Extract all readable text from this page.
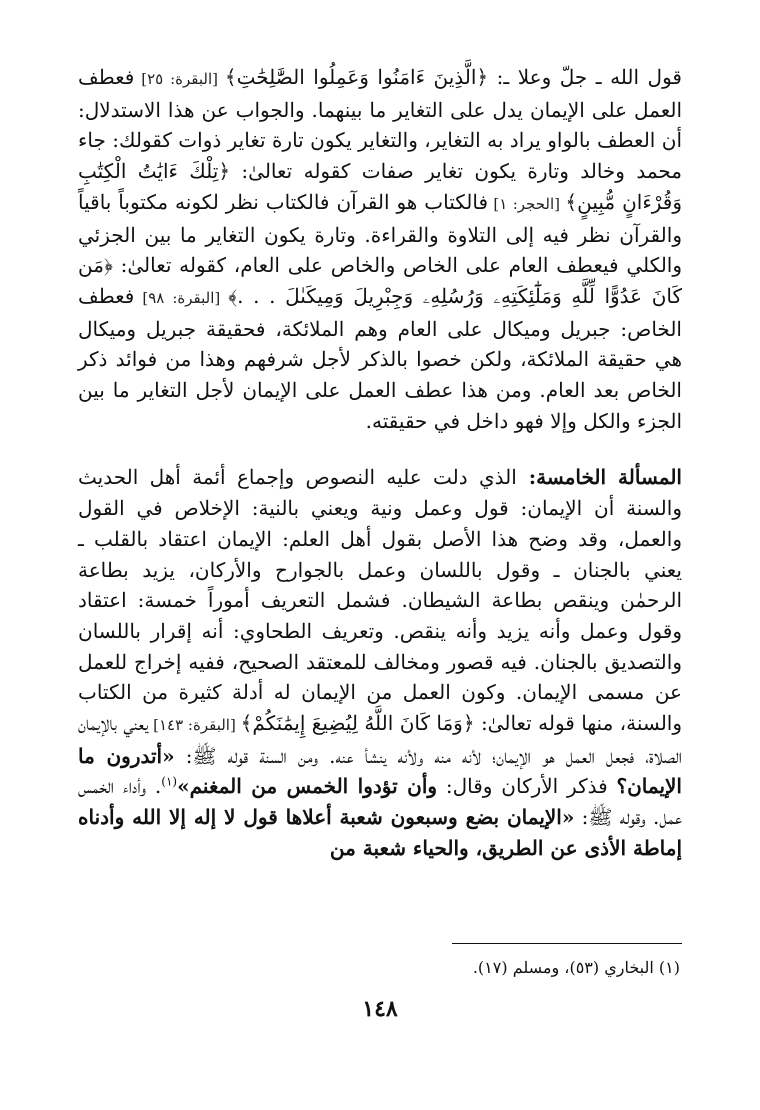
قول الله ـ جلّ وعلا ـ: ﴿الَّذِينَ ءَامَنُوا وَعَمِلُوا الصَّٰلِحَٰتِ﴾ [البقرة: ٢٥] فعطف العمل على الإيمان يدل على التغاير ما بينهما. والجواب عن هذا الاستدلال: أن العطف بالواو يراد به التغاير، والتغاير يكون تارة تغاير ذوات كقولك: جاء محمد وخالد وتارة يكون تغاير صفات كقوله تعالىٰ: ﴿تِلْكَ ءَايَٰتُ الْكِتَٰبِ وَقُرْءَانٍ مُّبِينٍ﴾ [الحجر: ١] فالكتاب هو القرآن فالكتاب نظر لكونه مكتوباً باقياً والقرآن نظر فيه إلى التلاوة والقراءة. وتارة يكون التغاير ما بين الجزئي والكلي فيعطف العام على الخاص والخاص على العام، كقوله تعالىٰ: ﴿مَن كَانَ عَدُوًّا لِّلَّهِ وَمَلَٰٓئِكَتِهِۦ وَرُسُلِهِۦ وَجِبْرِيلَ وَمِيكَىٰلَ . . .﴾ [البقرة: ٩٨] فعطف الخاص: جبريل وميكال على العام وهم الملائكة، فحقيقة جبريل وميكال هي حقيقة الملائكة، ولكن خصوا بالذكر لأجل شرفهم وهذا من فوائد ذكر الخاص بعد العام. ومن هذا عطف العمل على الإيمان لأجل التغاير ما بين الجزء والكل وإلا فهو داخل في حقيقته.

المسألة الخامسة: الذي دلت عليه النصوص وإجماع أئمة أهل الحديث والسنة أن الإيمان: قول وعمل ونية ويعني بالنية: الإخلاص في القول والعمل، وقد وضح هذا الأصل بقول أهل العلم: الإيمان اعتقاد بالقلب ـ يعني بالجنان ـ وقول باللسان وعمل بالجوارح والأركان، يزيد بطاعة الرحمٰن وينقص بطاعة الشيطان. فشمل التعريف أموراً خمسة: اعتقاد وقول وعمل وأنه يزيد وأنه ينقص. وتعريف الطحاوي: أنه إقرار باللسان والتصديق بالجنان. فيه قصور ومخالف للمعتقد الصحيح، ففيه إخراج للعمل عن مسمى الإيمان. وكون العمل من الإيمان له أدلة كثيرة من الكتاب والسنة، منها قوله تعالىٰ: ﴿وَمَا كَانَ اللَّهُ لِيُضِيعَ إِيمَٰنَكُمْ﴾ [البقرة: ١٤٣] يعني بالإيمان الصلاة، فجعل العمل هو الإيمان؛ لأنه منه ولأنه ينشأ عنه. ومن السنة قوله ﷺ: «أتدرون ما الإيمان؟ فذكر الأركان وقال: وأن تؤدوا الخمس من المغنم»$^{(١)}$. وأداء الخمس عمل. وقوله ﷺ: «الإيمان بضع وسبعون شعبة أعلاها قول لا إله إلا الله وأدناه إماطة الأذى عن الطريق، والحياء شعبة من

(١) البخاري (٥٣)، ومسلم (١٧).
١٤٨
